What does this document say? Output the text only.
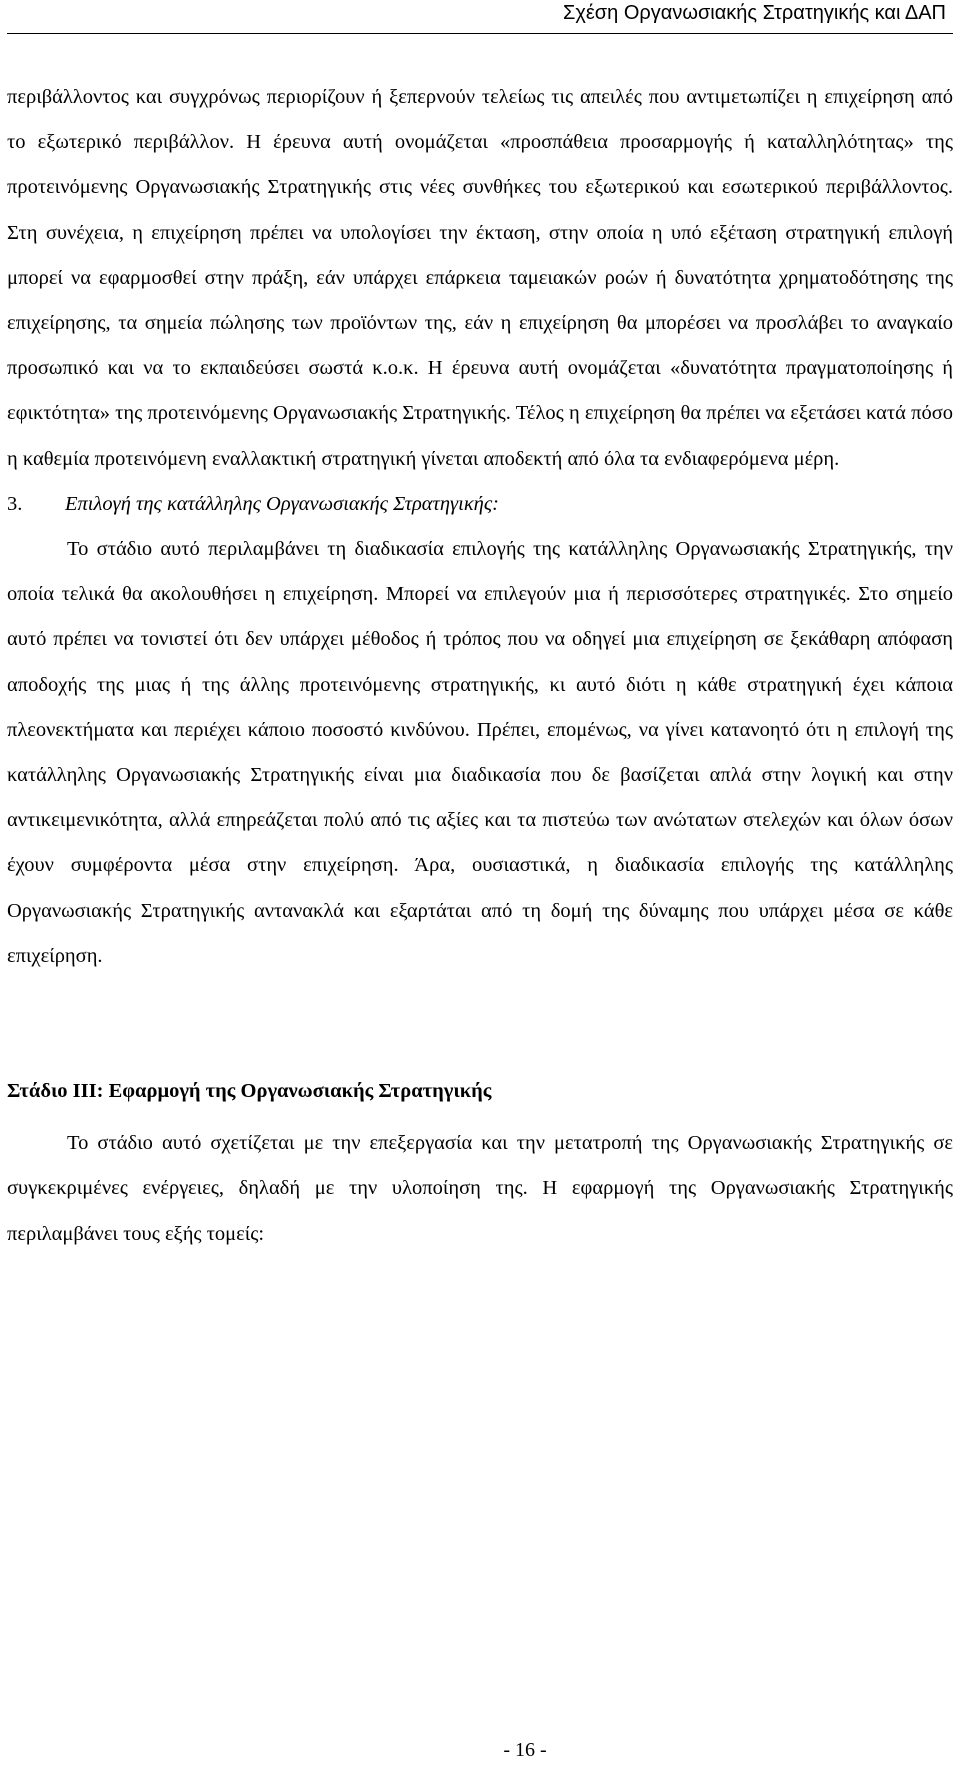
Σχέση Οργανωσιακής Στρατηγικής και ΔΑΠ

περιβάλλοντος και συγχρόνως περιορίζουν ή ξεπερνούν τελείως τις απειλές που αντιμετωπίζει η επιχείρηση από το εξωτερικό περιβάλλον. Η έρευνα αυτή ονομάζεται «προσπάθεια προσαρμογής ή καταλληλότητας» της προτεινόμενης Οργανωσιακής Στρατηγικής στις νέες συνθήκες του εξωτερικού και εσωτερικού περιβάλλοντος. Στη συνέχεια, η επιχείρηση πρέπει να υπολογίσει την έκταση, στην οποία η υπό εξέταση στρατηγική επιλογή μπορεί να εφαρμοσθεί στην πράξη, εάν υπάρχει επάρκεια ταμειακών ροών ή δυνατότητα χρηματοδότησης της επιχείρησης, τα σημεία πώλησης των προϊόντων της, εάν η επιχείρηση θα μπορέσει να προσλάβει το αναγκαίο προσωπικό και να το εκπαιδεύσει σωστά κ.ο.κ. Η έρευνα αυτή ονομάζεται «δυνατότητα πραγματοποίησης ή εφικτότητα» της προτεινόμενης Οργανωσιακής Στρατηγικής. Τέλος η επιχείρηση θα πρέπει να εξετάσει κατά πόσο η καθεμία προτεινόμενη εναλλακτική στρατηγική γίνεται αποδεκτή από όλα τα ενδιαφερόμενα μέρη.

3. Επιλογή της κατάλληλης Οργανωσιακής Στρατηγικής:

Το στάδιο αυτό περιλαμβάνει τη διαδικασία επιλογής της κατάλληλης Οργανωσιακής Στρατηγικής, την οποία τελικά θα ακολουθήσει η επιχείρηση. Μπορεί να επιλεγούν μια ή περισσότερες στρατηγικές. Στο σημείο αυτό πρέπει να τονιστεί ότι δεν υπάρχει μέθοδος ή τρόπος που να οδηγεί μια επιχείρηση σε ξεκάθαρη απόφαση αποδοχής της μιας ή της άλλης προτεινόμενης στρατηγικής, κι αυτό διότι η κάθε στρατηγική έχει κάποια πλεονεκτήματα και περιέχει κάποιο ποσοστό κινδύνου. Πρέπει, επομένως, να γίνει κατανοητό ότι η επιλογή της κατάλληλης Οργανωσιακής Στρατηγικής είναι μια διαδικασία που δε βασίζεται απλά στην λογική και στην αντικειμενικότητα, αλλά επηρεάζεται πολύ από τις αξίες και τα πιστεύω των ανώτατων στελεχών και όλων όσων έχουν συμφέροντα μέσα στην επιχείρηση. Άρα, ουσιαστικά, η διαδικασία επιλογής της κατάλληλης Οργανωσιακής Στρατηγικής αντανακλά και εξαρτάται από τη δομή της δύναμης που υπάρχει μέσα σε κάθε επιχείρηση.

Στάδιο ΙΙΙ: Εφαρμογή της Οργανωσιακής Στρατηγικής

Το στάδιο αυτό σχετίζεται με την επεξεργασία και την μετατροπή της Οργανωσιακής Στρατηγικής σε συγκεκριμένες ενέργειες, δηλαδή με την υλοποίηση της. Η εφαρμογή της Οργανωσιακής Στρατηγικής περιλαμβάνει τους εξής τομείς:

- 16 -
